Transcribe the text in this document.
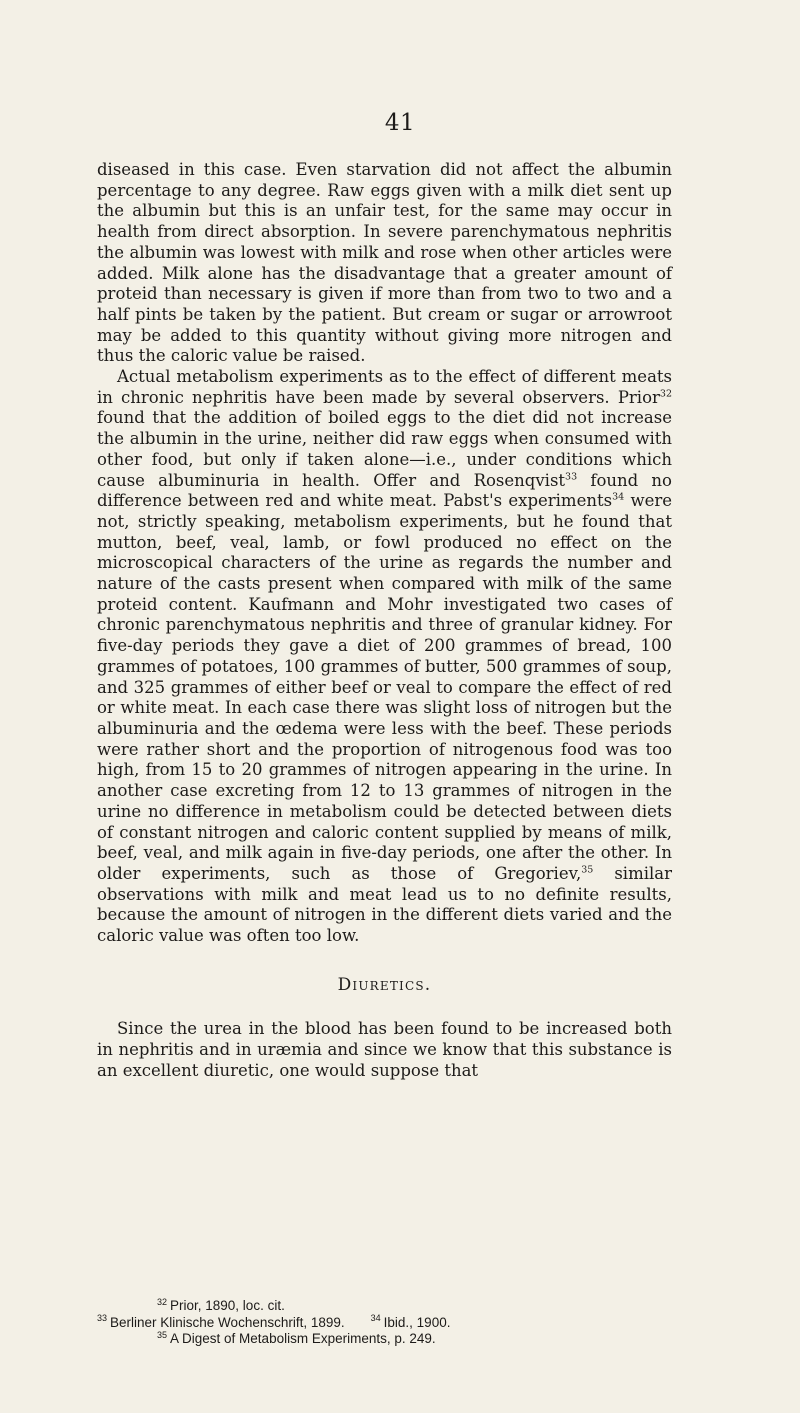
41

diseased in this case. Even starvation did not affect the albumin percentage to any degree. Raw eggs given with a milk diet sent up the albumin but this is an unfair test, for the same may occur in health from direct absorption. In severe parenchymatous nephritis the albumin was lowest with milk and rose when other articles were added. Milk alone has the disadvantage that a greater amount of proteid than necessary is given if more than from two to two and a half pints be taken by the patient. But cream or sugar or arrowroot may be added to this quantity without giving more nitrogen and thus the caloric value be raised.

Actual metabolism experiments as to the effect of different meats in chronic nephritis have been made by several observers. Prior$^{32}$ found that the addition of boiled eggs to the diet did not increase the albumin in the urine, neither did raw eggs when consumed with other food, but only if taken alone—i.e., under conditions which cause albuminuria in health. Offer and Rosenqvist$^{33}$ found no difference between red and white meat. Pabst's experiments$^{34}$ were not, strictly speaking, metabolism experiments, but he found that mutton, beef, veal, lamb, or fowl produced no effect on the microscopical characters of the urine as regards the number and nature of the casts present when compared with milk of the same proteid content. Kaufmann and Mohr investigated two cases of chronic parenchymatous nephritis and three of granular kidney. For five-day periods they gave a diet of 200 grammes of bread, 100 grammes of potatoes, 100 grammes of butter, 500 grammes of soup, and 325 grammes of either beef or veal to compare the effect of red or white meat. In each case there was slight loss of nitrogen but the albuminuria and the œdema were less with the beef. These periods were rather short and the proportion of nitrogenous food was too high, from 15 to 20 grammes of nitrogen appearing in the urine. In another case excreting from 12 to 13 grammes of nitrogen in the urine no difference in metabolism could be detected between diets of constant nitrogen and caloric content supplied by means of milk, beef, veal, and milk again in five-day periods, one after the other. In older experiments, such as those of Gregoriev,$^{35}$ similar observations with milk and meat lead us to no definite results, because the amount of nitrogen in the different diets varied and the caloric value was often too low.

Diuretics.

Since the urea in the blood has been found to be increased both in nephritis and in uræmia and since we know that this substance is an excellent diuretic, one would suppose that

$^{32}$ Prior, 1890, loc. cit.
$^{33}$ Berliner Klinische Wochenschrift, 1899.	$^{34}$ Ibid., 1900.
$^{35}$ A Digest of Metabolism Experiments, p. 249.
